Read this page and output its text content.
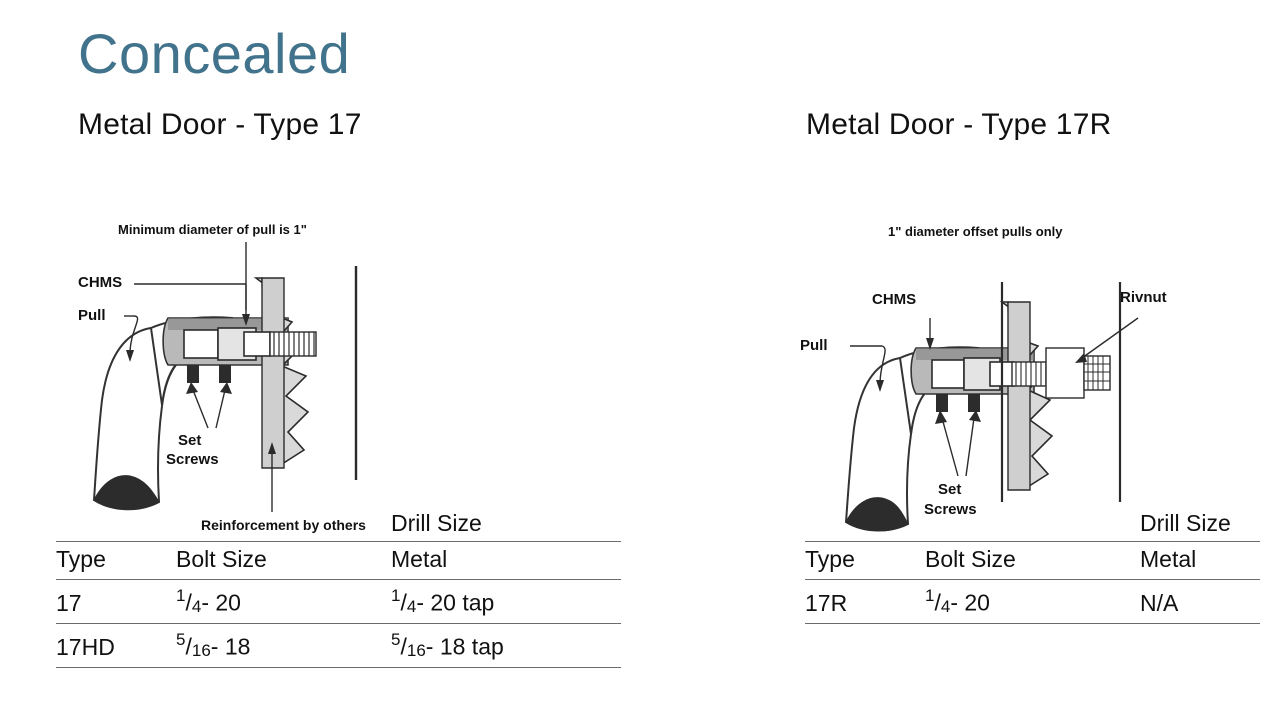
Concealed
Metal Door - Type 17
Minimum diameter of pull is 1"
CHMS
Pull
Set
Screws
Reinforcement by others
Metal Door - Type 17R
1" diameter offset pulls only
CHMS
Pull
Rivnut
Set
Screws
		Drill Size
Type	Bolt Size	Metal
17	$^1$/4- 20	$^1$/4- 20 tap
17HD	$^5$/16- 18	$^5$/16- 18 tap
		Drill Size
Type	Bolt Size	Metal
17R	$^1$/4- 20	N/A
